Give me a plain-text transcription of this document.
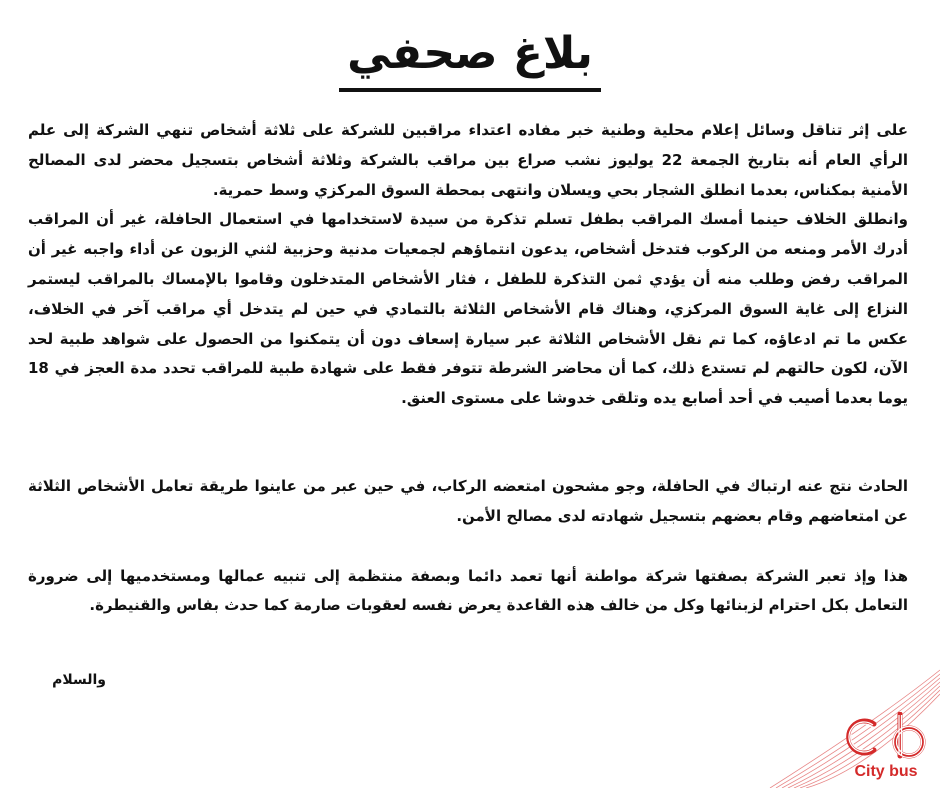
بلاغ صحفي

على إثر تناقل وسائل إعلام محلية وطنية خبر مفاده اعتداء مراقبين للشركة على ثلاثة أشخاص تنهي الشركة إلى علم الرأي العام أنه بتاريخ الجمعة 22 يوليوز نشب صراع بين مراقب بالشركة وثلاثة أشخاص بتسجيل محضر لدى المصالح الأمنية بمكناس، بعدما انطلق الشجار بحي ويسلان وانتهى بمحطة السوق المركزي وسط حمرية.

وانطلق الخلاف حينما أمسك المراقب بطفل تسلم تذكرة من سيدة لاستخدامها في استعمال الحافلة، غير أن المراقب أدرك الأمر ومنعه من الركوب فتدخل أشخاص، يدعون انتماؤهم لجمعيات مدنية وحزبية لثني الزبون عن أداء واجبه غير أن المراقب رفض وطلب منه أن يؤدي ثمن التذكرة للطفل ، فثار الأشخاص المتدخلون وقاموا بالإمساك بالمراقب ليستمر النزاع إلى غاية السوق المركزي، وهناك قام الأشخاص الثلاثة بالتمادي في حين لم يتدخل أي مراقب آخر في الخلاف، عكس ما تم ادعاؤه، كما تم نقل الأشخاص الثلاثة عبر سيارة إسعاف دون أن يتمكنوا من الحصول على شواهد طبية لحد الآن، لكون حالتهم لم تستدع ذلك، كما أن محاضر الشرطة تتوفر فقط على شهادة طبية للمراقب تحدد مدة العجز في 18 يوما بعدما أصيب في أحد أصابع يده وتلقى خدوشا على مستوى العنق.

الحادث نتج عنه ارتباك في الحافلة، وجو مشحون امتعضه الركاب، في حين عبر من عاينوا طريقة تعامل الأشخاص الثلاثة عن امتعاضهم وقام بعضهم بتسجيل شهادته لدى مصالح الأمن.

هذا وإذ تعبر الشركة بصفتها شركة مواطنة أنها تعمد دائما وبصفة منتظمة إلى تنبيه عمالها ومستخدميها إلى ضرورة التعامل بكل احترام لزبنائها وكل من خالف هذه القاعدة يعرض نفسه لعقوبات صارمة كما حدث بفاس والقنيطرة.

والسلام
City bus
